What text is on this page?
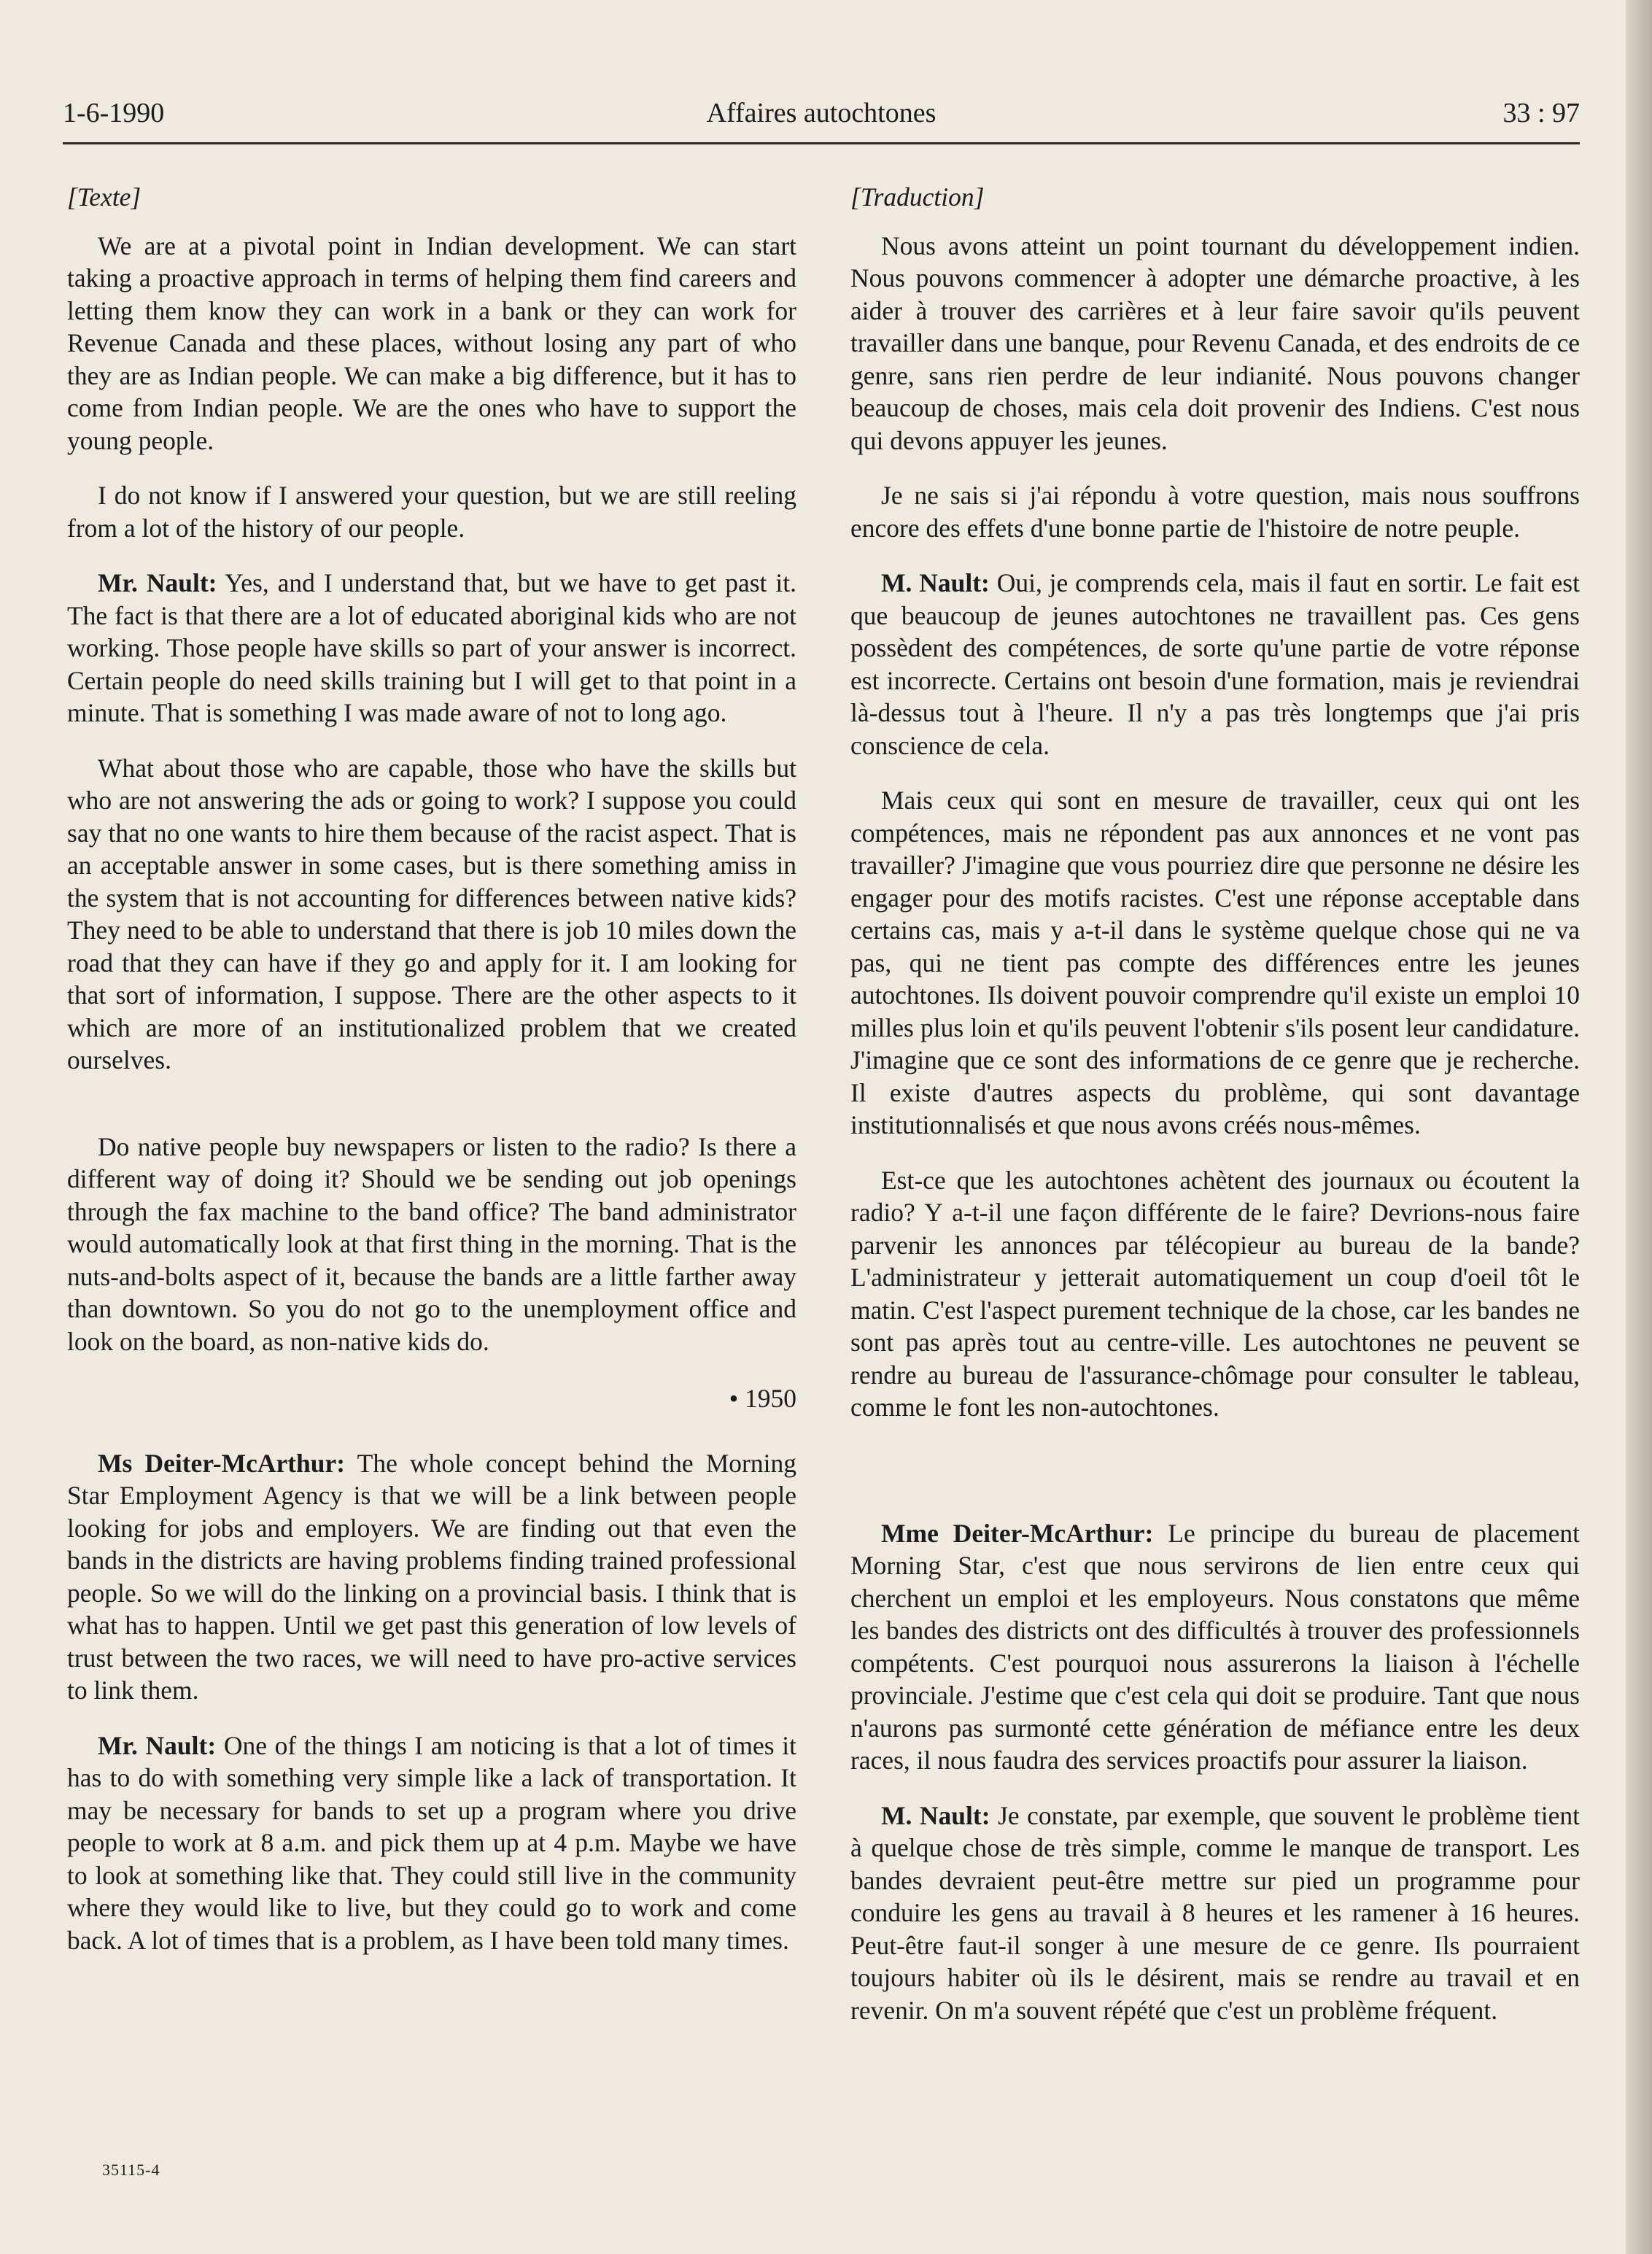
Affaires autochtones
1-6-1990	33 : 97

[Texte]

We are at a pivotal point in Indian development. We can start taking a proactive approach in terms of helping them find careers and letting them know they can work in a bank or they can work for Revenue Canada and these places, without losing any part of who they are as Indian people. We can make a big difference, but it has to come from Indian people. We are the ones who have to support the young people.

I do not know if I answered your question, but we are still reeling from a lot of the history of our people.

Mr. Nault: Yes, and I understand that, but we have to get past it. The fact is that there are a lot of educated aboriginal kids who are not working. Those people have skills so part of your answer is incorrect. Certain people do need skills training but I will get to that point in a minute. That is something I was made aware of not to long ago.

What about those who are capable, those who have the skills but who are not answering the ads or going to work? I suppose you could say that no one wants to hire them because of the racist aspect. That is an acceptable answer in some cases, but is there something amiss in the system that is not accounting for differences between native kids? They need to be able to understand that there is job 10 miles down the road that they can have if they go and apply for it. I am looking for that sort of information, I suppose. There are the other aspects to it which are more of an institutionalized problem that we created ourselves.

Do native people buy newspapers or listen to the radio? Is there a different way of doing it? Should we be sending out job openings through the fax machine to the band office? The band administrator would automatically look at that first thing in the morning. That is the nuts-and-bolts aspect of it, because the bands are a little farther away than downtown. So you do not go to the unemployment office and look on the board, as non-native kids do.

• 1950

Ms Deiter-McArthur: The whole concept behind the Morning Star Employment Agency is that we will be a link between people looking for jobs and employers. We are finding out that even the bands in the districts are having problems finding trained professional people. So we will do the linking on a provincial basis. I think that is what has to happen. Until we get past this generation of low levels of trust between the two races, we will need to have pro-active services to link them.

Mr. Nault: One of the things I am noticing is that a lot of times it has to do with something very simple like a lack of transportation. It may be necessary for bands to set up a program where you drive people to work at 8 a.m. and pick them up at 4 p.m. Maybe we have to look at something like that. They could still live in the community where they would like to live, but they could go to work and come back. A lot of times that is a problem, as I have been told many times.

[Traduction]

Nous avons atteint un point tournant du développement indien. Nous pouvons commencer à adopter une démarche proactive, à les aider à trouver des carrières et à leur faire savoir qu'ils peuvent travailler dans une banque, pour Revenu Canada, et des endroits de ce genre, sans rien perdre de leur indianité. Nous pouvons changer beaucoup de choses, mais cela doit provenir des Indiens. C'est nous qui devons appuyer les jeunes.

Je ne sais si j'ai répondu à votre question, mais nous souffrons encore des effets d'une bonne partie de l'histoire de notre peuple.

M. Nault: Oui, je comprends cela, mais il faut en sortir. Le fait est que beaucoup de jeunes autochtones ne travaillent pas. Ces gens possèdent des compétences, de sorte qu'une partie de votre réponse est incorrecte. Certains ont besoin d'une formation, mais je reviendrai là-dessus tout à l'heure. Il n'y a pas très longtemps que j'ai pris conscience de cela.

Mais ceux qui sont en mesure de travailler, ceux qui ont les compétences, mais ne répondent pas aux annonces et ne vont pas travailler? J'imagine que vous pourriez dire que personne ne désire les engager pour des motifs racistes. C'est une réponse acceptable dans certains cas, mais y a-t-il dans le système quelque chose qui ne va pas, qui ne tient pas compte des différences entre les jeunes autochtones. Ils doivent pouvoir comprendre qu'il existe un emploi 10 milles plus loin et qu'ils peuvent l'obtenir s'ils posent leur candidature. J'imagine que ce sont des informations de ce genre que je recherche. Il existe d'autres aspects du problème, qui sont davantage institutionnalisés et que nous avons créés nous-mêmes.

Est-ce que les autochtones achètent des journaux ou écoutent la radio? Y a-t-il une façon différente de le faire? Devrions-nous faire parvenir les annonces par télécopieur au bureau de la bande? L'administrateur y jetterait automatiquement un coup d'oeil tôt le matin. C'est l'aspect purement technique de la chose, car les bandes ne sont pas après tout au centre-ville. Les autochtones ne peuvent se rendre au bureau de l'assurance-chômage pour consulter le tableau, comme le font les non-autochtones.

Mme Deiter-McArthur: Le principe du bureau de placement Morning Star, c'est que nous servirons de lien entre ceux qui cherchent un emploi et les employeurs. Nous constatons que même les bandes des districts ont des difficultés à trouver des professionnels compétents. C'est pourquoi nous assurerons la liaison à l'échelle provinciale. J'estime que c'est cela qui doit se produire. Tant que nous n'aurons pas surmonté cette génération de méfiance entre les deux races, il nous faudra des services proactifs pour assurer la liaison.

M. Nault: Je constate, par exemple, que souvent le problème tient à quelque chose de très simple, comme le manque de transport. Les bandes devraient peut-être mettre sur pied un programme pour conduire les gens au travail à 8 heures et les ramener à 16 heures. Peut-être faut-il songer à une mesure de ce genre. Ils pourraient toujours habiter où ils le désirent, mais se rendre au travail et en revenir. On m'a souvent répété que c'est un problème fréquent.

35115-4
